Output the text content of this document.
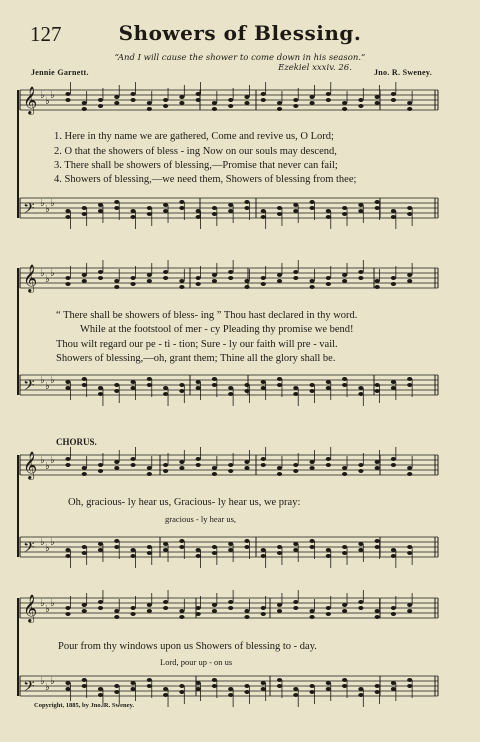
127	Showers of Blessing.
“And I will cause the shower to come down in his season.”
Ezekiel xxxiv. 26.
Jennie Garnett.	Jno. R. Sweney.
𝄞 ♭
♭
♭
𝄢 ♭
♭
♭
𝄞 ♭
♭
♭
𝄢 ♭
♭
♭
𝄞 ♭
♭
♭
𝄢 ♭
♭
♭
𝄞 ♭
♭
♭
𝄢 ♭
♭
♭
1. Here in thy name we are gathered, Come and revive us, O Lord;
2. O that the showers of bless - ing Now on our souls may descend,
3. There shall be showers of blessing,—Promise that never can fail;
4. Showers of blessing,—we need them, Showers of blessing from thee;
“ There shall be showers of bless- ing ” Thou hast declared in thy word.
While at the footstool of mer - cy Pleading thy promise we bend!
Thou wilt regard our pe - ti - tion; Sure - ly our faith will pre - vail.
Showers of blessing,—oh, grant them; Thine all the glory shall be.
CHORUS.
Oh, gracious- ly hear us, Gracious- ly hear us, we pray:
gracious - ly hear us,
Pour from thy windows upon us Showers of blessing to - day.
Lord, pour up - on us
Copyright, 1885, by Jno. R. Sweney.
